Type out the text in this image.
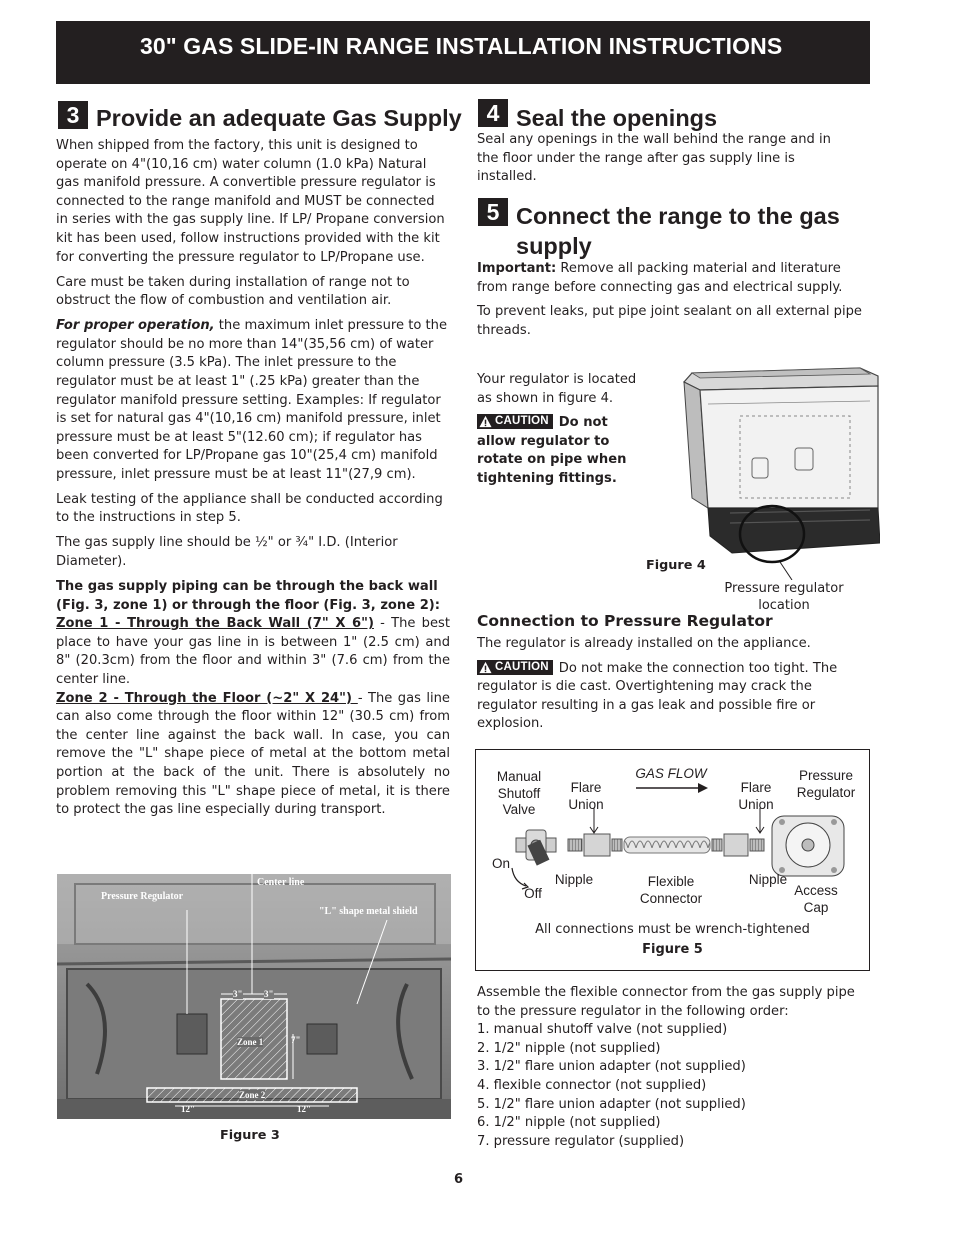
30" GAS SLIDE-IN RANGE INSTALLATION INSTRUCTIONS
3 Provide an adequate Gas Supply

When shipped from the factory, this unit is designed to operate on 4"(10,16 cm) water column (1.0 kPa) Natural gas manifold pressure. A convertible pressure regulator is connected to the range manifold and MUST be connected in series with the gas supply line. If LP/ Propane conversion kit has been used, follow instructions provided with the kit for converting the pressure regulator to LP/Propane use.

Care must be taken during installation of range not to obstruct the flow of combustion and ventilation air.

For proper operation, the maximum inlet pressure to the regulator should be no more than 14"(35,56 cm) of water column pressure (3.5 kPa). The inlet pressure to the regulator must be at least 1" (.25 kPa) greater than the regulator manifold pressure setting. Examples: If regulator is set for natural gas 4"(10,16 cm) manifold pressure, inlet pressure must be at least 5"(12.60 cm); if regulator has been converted for LP/Propane gas 10"(25,4 cm) manifold pressure, inlet pressure must be at least 11"(27,9 cm).

Leak testing of the appliance shall be conducted according to the instructions in step 5.

The gas supply line should be ½" or ¾" I.D. (Interior Diameter).

The gas supply piping can be through the back wall (Fig. 3, zone 1) or through the floor (Fig. 3, zone 2):

Zone 1 - Through the Back Wall (7" X 6") - The best place to have your gas line in is between 1" (2.5 cm) and 8" (20.3cm) from the floor and within 3" (7.6 cm) from the center line.

Zone 2 - Through the Floor (~2" X 24") - The gas line can also come through the floor within 12" (30.5 cm) from the center line against the back wall. In case, you can remove the "L" shape piece of metal at the bottom metal portion at the back of the unit. There is absolutely no problem removing this "L" shape piece of metal, it is there to protect the gas line especially during transport.

Pressure Regulator
Center line
"L" shape metal shield
3" 3"
7"
Zone 1
Zone 2
12"	12"
Figure 3
4 Seal the openings

Seal any openings in the wall behind the range and in the floor under the range after gas supply line is installed.

5 Connect the range to the gas supply

Important: Remove all packing material and literature from range before connecting gas and electrical supply.

To prevent leaks, put pipe joint sealant on all external pipe threads.

Your regulator is located as shown in figure 4.

CAUTION Do not allow regulator to rotate on pipe when tightening fittings.

Figure 4
Pressure regulator location
Connection to Pressure Regulator

The regulator is already installed on the appliance.

CAUTION Do not make the connection too tight. The regulator is die cast. Overtightening may crack the regulator resulting in a gas leak and possible fire or explosion.

Manual Shutoff Valve
Flare Union
GAS FLOW
Flare Union
Pressure Regulator
On
Off
Nipple	Flexible Connector
Nipple
Access Cap
All connections must be wrench-tightened
Figure 5

Assemble the flexible connector from the gas supply pipe to the pressure regulator in the following order:

1. manual shutoff valve (not supplied)
2. 1/2" nipple (not supplied)
3. 1/2" flare union adapter (not supplied)
4. flexible connector (not supplied)
5. 1/2" flare union adapter (not supplied)
6. 1/2" nipple (not supplied)
7. pressure regulator (supplied)
6
